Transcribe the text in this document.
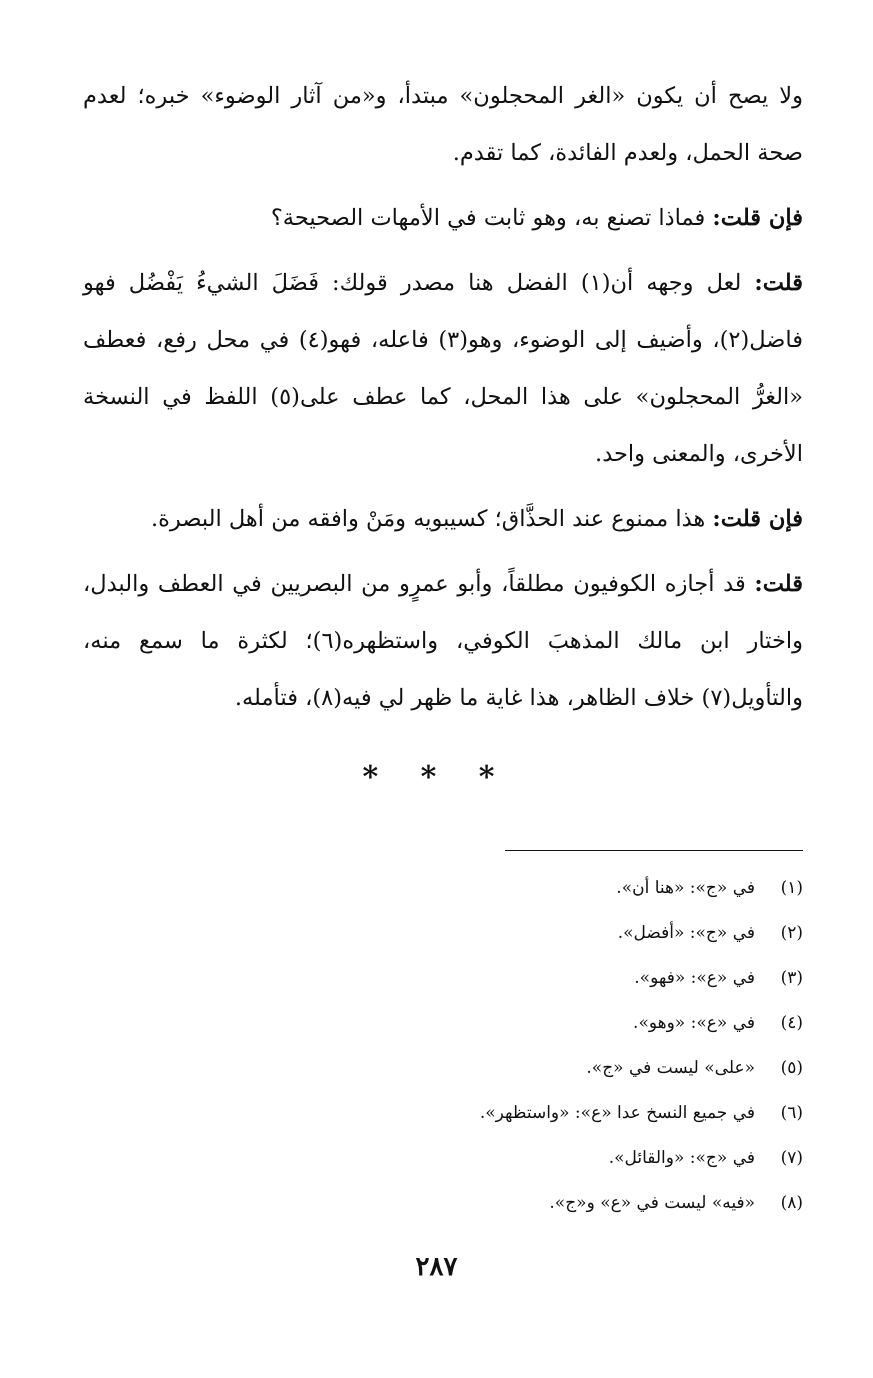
ولا يصح أن يكون «الغر المحجلون» مبتدأ، و«من آثار الوضوء» خبره؛ لعدم صحة الحمل، ولعدم الفائدة، كما تقدم.

فإن قلت: فماذا تصنع به، وهو ثابت في الأمهات الصحيحة؟

قلت: لعل وجهه أن(١) الفضل هنا مصدر قولك: فَضَلَ الشيءُ يَفْضُل فهو فاضل(٢)، وأضيف إلى الوضوء، وهو(٣) فاعله، فهو(٤) في محل رفع، فعطف «الغرُّ المحجلون» على هذا المحل، كما عطف على(٥) اللفظ في النسخة الأخرى، والمعنى واحد.

فإن قلت: هذا ممنوع عند الحذَّاق؛ كسيبويه ومَنْ وافقه من أهل البصرة.

قلت: قد أجازه الكوفيون مطلقاً، وأبو عمرٍو من البصريين في العطف والبدل، واختار ابن مالك المذهبَ الكوفي، واستظهره(٦)؛ لكثرة ما سمع منه، والتأويل(٧) خلاف الظاهر، هذا غاية ما ظهر لي فيه(٨)، فتأمله.

* * *
(١)
في «ج»: «هنا أن».
(٢)
في «ج»: «أفضل».
(٣)
في «ع»: «فهو».
(٤)
في «ع»: «وهو».
(٥)
«على» ليست في «ج».
(٦)
في جميع النسخ عدا «ع»: «واستظهر».
(٧)
في «ج»: «والقائل».
(٨)
«فيه» ليست في «ع» و«ج».
٢٨٧
